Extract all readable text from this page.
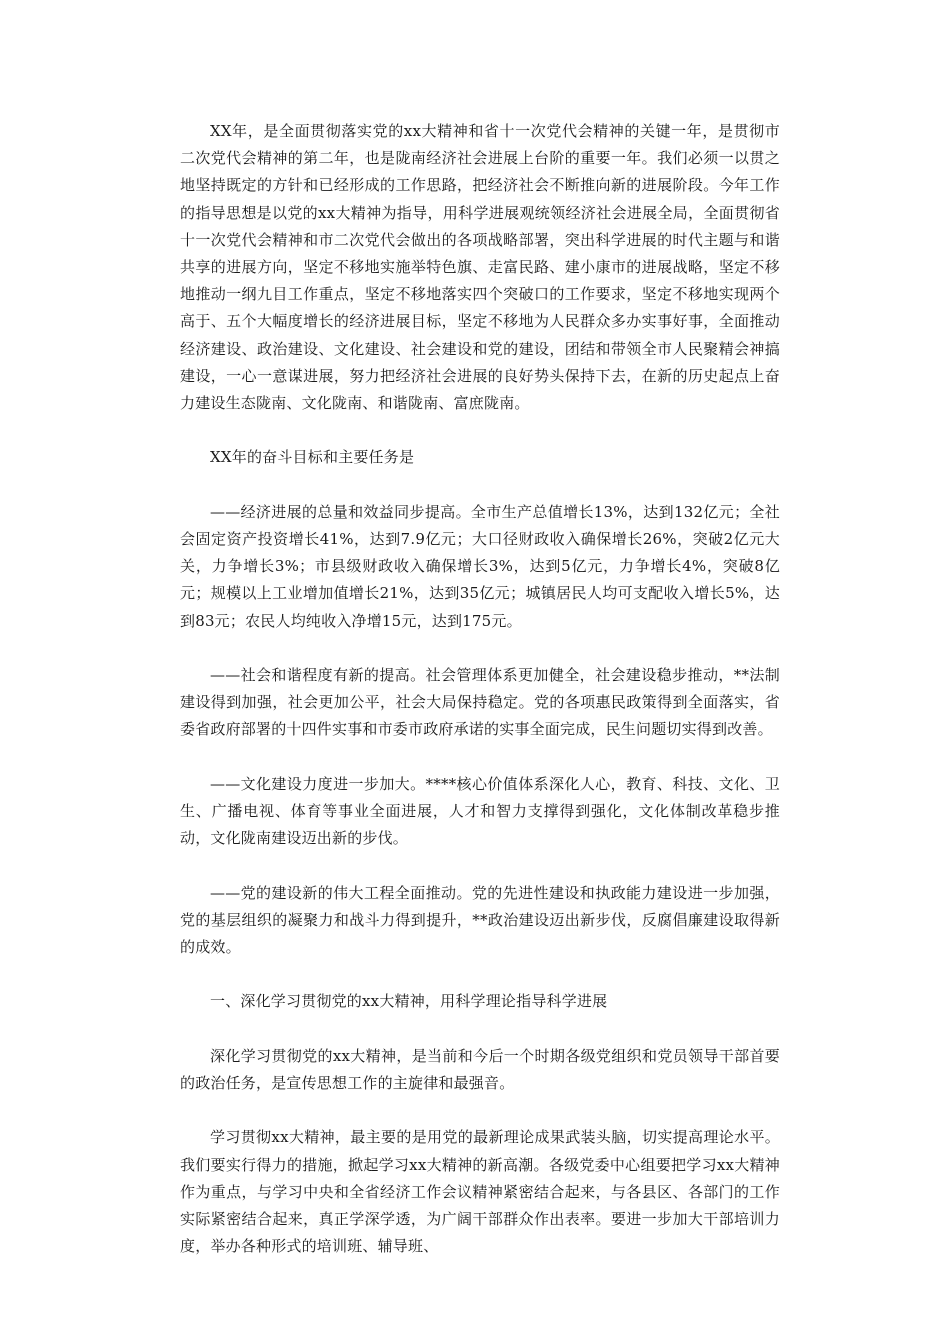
XX年，是全面贯彻落实党的xx大精神和省十一次党代会精神的关键一年，是贯彻市二次党代会精神的第二年，也是陇南经济社会进展上台阶的重要一年。我们必须一以贯之地坚持既定的方针和已经形成的工作思路，把经济社会不断推向新的进展阶段。今年工作的指导思想是以党的xx大精神为指导，用科学进展观统领经济社会进展全局，全面贯彻省十一次党代会精神和市二次党代会做出的各项战略部署，突出科学进展的时代主题与和谐共享的进展方向，坚定不移地实施举特色旗、走富民路、建小康市的进展战略，坚定不移地推动一纲九目工作重点，坚定不移地落实四个突破口的工作要求，坚定不移地实现两个高于、五个大幅度增长的经济进展目标，坚定不移地为人民群众多办实事好事，全面推动经济建设、政治建设、文化建设、社会建设和党的建设，团结和带领全市人民聚精会神搞建设，一心一意谋进展，努力把经济社会进展的良好势头保持下去，在新的历史起点上奋力建设生态陇南、文化陇南、和谐陇南、富庶陇南。

XX年的奋斗目标和主要任务是

——经济进展的总量和效益同步提高。全市生产总值增长13%，达到132亿元；全社会固定资产投资增长41%，达到7.9亿元；大口径财政收入确保增长26%，突破2亿元大关，力争增长3%；市县级财政收入确保增长3%，达到5亿元，力争增长4%，突破8亿元；规模以上工业增加值增长21%，达到35亿元；城镇居民人均可支配收入增长5%，达到83元；农民人均纯收入净增15元，达到175元。

——社会和谐程度有新的提高。社会管理体系更加健全，社会建设稳步推动，**法制建设得到加强，社会更加公平，社会大局保持稳定。党的各项惠民政策得到全面落实，省委省政府部署的十四件实事和市委市政府承诺的实事全面完成，民生问题切实得到改善。

——文化建设力度进一步加大。****核心价值体系深化人心，教育、科技、文化、卫生、广播电视、体育等事业全面进展，人才和智力支撑得到强化，文化体制改革稳步推动，文化陇南建设迈出新的步伐。

——党的建设新的伟大工程全面推动。党的先进性建设和执政能力建设进一步加强，党的基层组织的凝聚力和战斗力得到提升，**政治建设迈出新步伐，反腐倡廉建设取得新的成效。

一、深化学习贯彻党的xx大精神，用科学理论指导科学进展

深化学习贯彻党的xx大精神，是当前和今后一个时期各级党组织和党员领导干部首要的政治任务，是宣传思想工作的主旋律和最强音。

学习贯彻xx大精神，最主要的是用党的最新理论成果武装头脑，切实提高理论水平。我们要实行得力的措施，掀起学习xx大精神的新高潮。各级党委中心组要把学习xx大精神作为重点，与学习中央和全省经济工作会议精神紧密结合起来，与各县区、各部门的工作实际紧密结合起来，真正学深学透，为广阔干部群众作出表率。要进一步加大干部培训力度，举办各种形式的培训班、辅导班、
